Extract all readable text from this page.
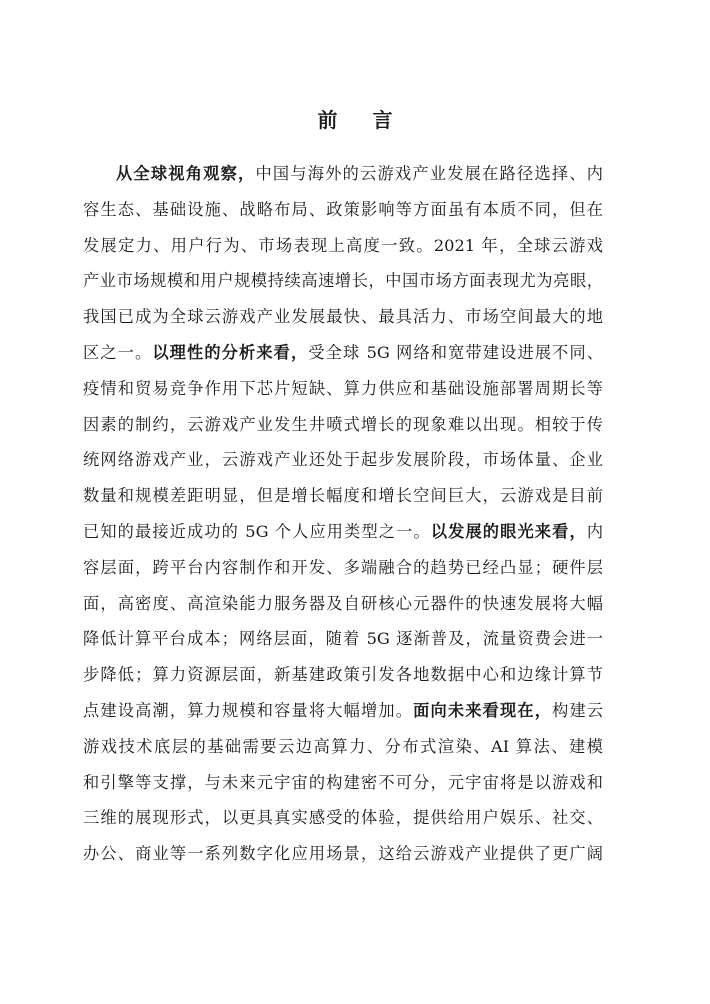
前 言
从全球视角观察，中国与海外的云游戏产业发展在路径选择、内
容生态、基础设施、战略布局、政策影响等方面虽有本质不同，但在
发展定力、用户行为、市场表现上高度一致。2021 年，全球云游戏
产业市场规模和用户规模持续高速增长，中国市场方面表现尤为亮眼，
我国已成为全球云游戏产业发展最快、最具活力、市场空间最大的地
区之一。以理性的分析来看，受全球 5G 网络和宽带建设进展不同、
疫情和贸易竞争作用下芯片短缺、算力供应和基础设施部署周期长等
因素的制约，云游戏产业发生井喷式增长的现象难以出现。相较于传
统网络游戏产业，云游戏产业还处于起步发展阶段，市场体量、企业
数量和规模差距明显，但是增长幅度和增长空间巨大，云游戏是目前
已知的最接近成功的 5G 个人应用类型之一。以发展的眼光来看，内
容层面，跨平台内容制作和开发、多端融合的趋势已经凸显；硬件层
面，高密度、高渲染能力服务器及自研核心元器件的快速发展将大幅
降低计算平台成本；网络层面，随着 5G 逐渐普及，流量资费会进一
步降低；算力资源层面，新基建政策引发各地数据中心和边缘计算节
点建设高潮，算力规模和容量将大幅增加。面向未来看现在，构建云
游戏技术底层的基础需要云边高算力、分布式渲染、AI 算法、建模
和引擎等支撑，与未来元宇宙的构建密不可分，元宇宙将是以游戏和
三维的展现形式，以更具真实感受的体验，提供给用户娱乐、社交、
办公、商业等一系列数字化应用场景，这给云游戏产业提供了更广阔
